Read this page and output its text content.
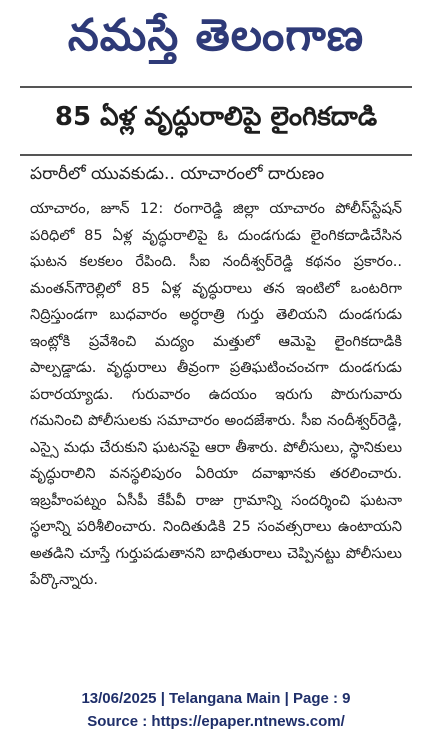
నమస్తే తెలంగాణ
85 ఏళ్ల వృద్ధురాలిపై లైంగికదాడి
పరారీలో యువకుడు.. యాచారంలో దారుణం
యాచారం, జూన్ 12: రంగారెడ్డి జిల్లా యాచారం పోలీస్‌స్టేషన్ పరిధిలో 85 ఏళ్ల వృద్ధురాలిపై ఓ దుండగుడు లైంగికదాడిచేసిన ఘటన కలకలం రేపింది. సీఐ నందీశ్వర్‌రెడ్డి కథనం ప్రకారం.. మంతన్‌గౌరెల్లిలో 85 ఏళ్ల వృద్ధురాలు తన ఇంటిలో ఒంటరిగా నిద్రిస్తుండగా బుధవారం అర్ధరాత్రి గుర్తు తెలియని దుండగుడు ఇంట్లోకి ప్రవేశించి మద్యం మత్తులో ఆమెపై లైంగికదాడికి పాల్పడ్డాడు. వృద్ధురాలు తీవ్రంగా ప్రతిఘటించంచగా దుండగుడు పరారయ్యాడు. గురువారం ఉదయం ఇరుగు పొరుగువారు గమనించి పోలీసులకు సమాచారం అందజేశారు. సీఐ నందీశ్వర్‌రెడ్డి, ఎస్సై మధు చేరుకుని ఘటనపై ఆరా తీశారు. పోలీసులు, స్థానికులు వృద్ధురాలిని వనస్థలిపురం ఏరియా దవాఖానకు తరలించారు. ఇబ్రహీంపట్నం ఏసీపీ కేపీవీ రాజు గ్రామాన్ని సందర్శించి ఘటనా స్థలాన్ని పరిశీలించారు. నిందితుడికి 25 సంవత్సరాలు ఉంటాయని అతడిని చూస్తే గుర్తుపడుతానని బాధితురాలు చెప్పినట్టు పోలీసులు పేర్కొన్నారు.
13/06/2025 | Telangana Main | Page : 9
Source : https://epaper.ntnews.com/
